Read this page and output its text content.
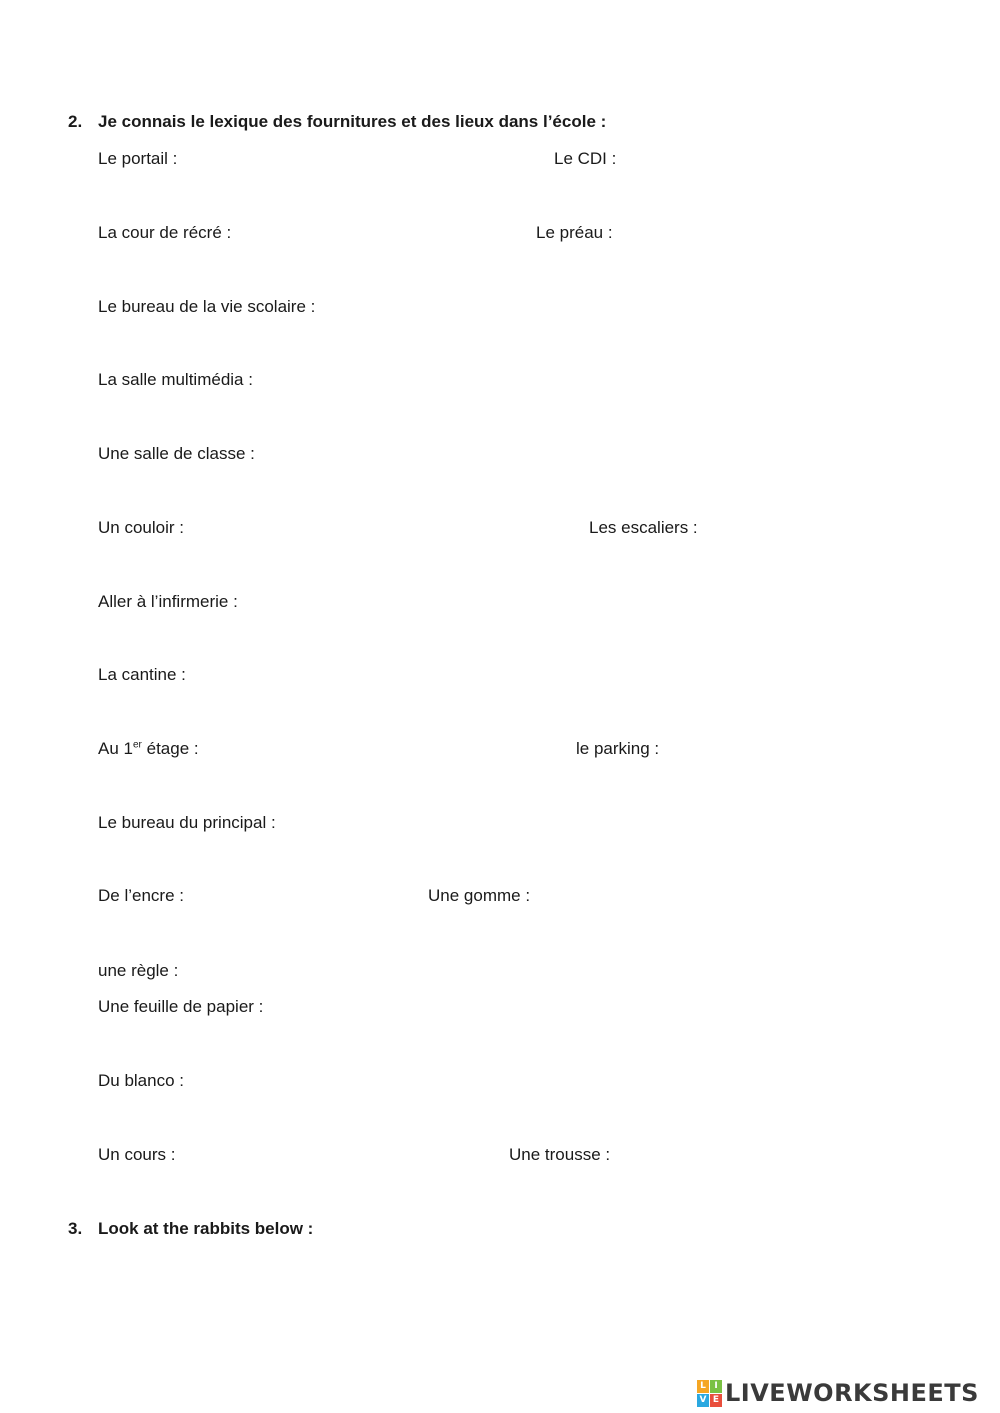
2. Je connais le lexique des fournitures et des lieux dans l’école :
Le portail :	Le CDI :
La cour de récré :	Le préau :
Le bureau de la vie scolaire :
La salle multimédia :
Une salle de classe :
Un couloir :	Les escaliers :
Aller à l’infirmerie :
La cantine :
Au 1er étage :	le parking :
Le bureau du principal :
De l’encre :	Une gomme :
une règle :
Une feuille de papier :
Du blanco :
Un cours :	Une trousse :
3. Look at the rabbits below :
L I
V E LIVEWORKSHEETS
